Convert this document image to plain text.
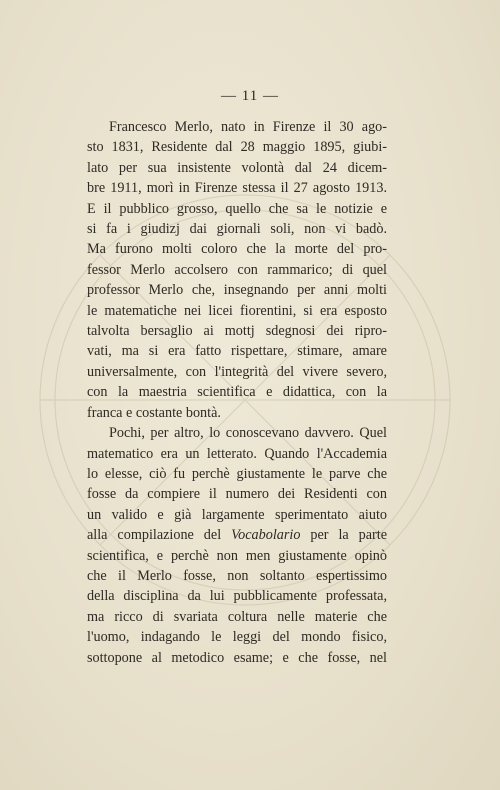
— 11 —
Francesco Merlo, nato in Firenze il 30 ago-
sto 1831, Residente dal 28 maggio 1895, giubi-
lato per sua insistente volontà dal 24 dicem-
bre 1911, morì in Firenze stessa il 27 agosto 1913.
E il pubblico grosso, quello che sa le notizie e
si fa i giudizj dai giornali soli, non vi badò.
Ma furono molti coloro che la morte del pro-
fessor Merlo accolsero con rammarico; di quel
professor Merlo che, insegnando per anni molti
le matematiche nei licei fiorentini, si era esposto
talvolta bersaglio ai mottj sdegnosi dei ripro-
vati, ma si era fatto rispettare, stimare, amare
universalmente, con l'integrità del vivere severo,
con la maestria scientifica e didattica, con la
franca e costante bontà.
Pochi, per altro, lo conoscevano davvero. Quel
matematico era un letterato. Quando l'Accademia
lo elesse, ciò fu perchè giustamente le parve che
fosse da compiere il numero dei Residenti con
un valido e già largamente sperimentato aiuto
alla compilazione del Vocabolario per la parte
scientifica, e perchè non men giustamente opinò
che il Merlo fosse, non soltanto espertissimo
della disciplina da lui pubblicamente professata,
ma ricco di svariata coltura nelle materie che
l'uomo, indagando le leggi del mondo fisico,
sottopone al metodico esame; e che fosse, nel
